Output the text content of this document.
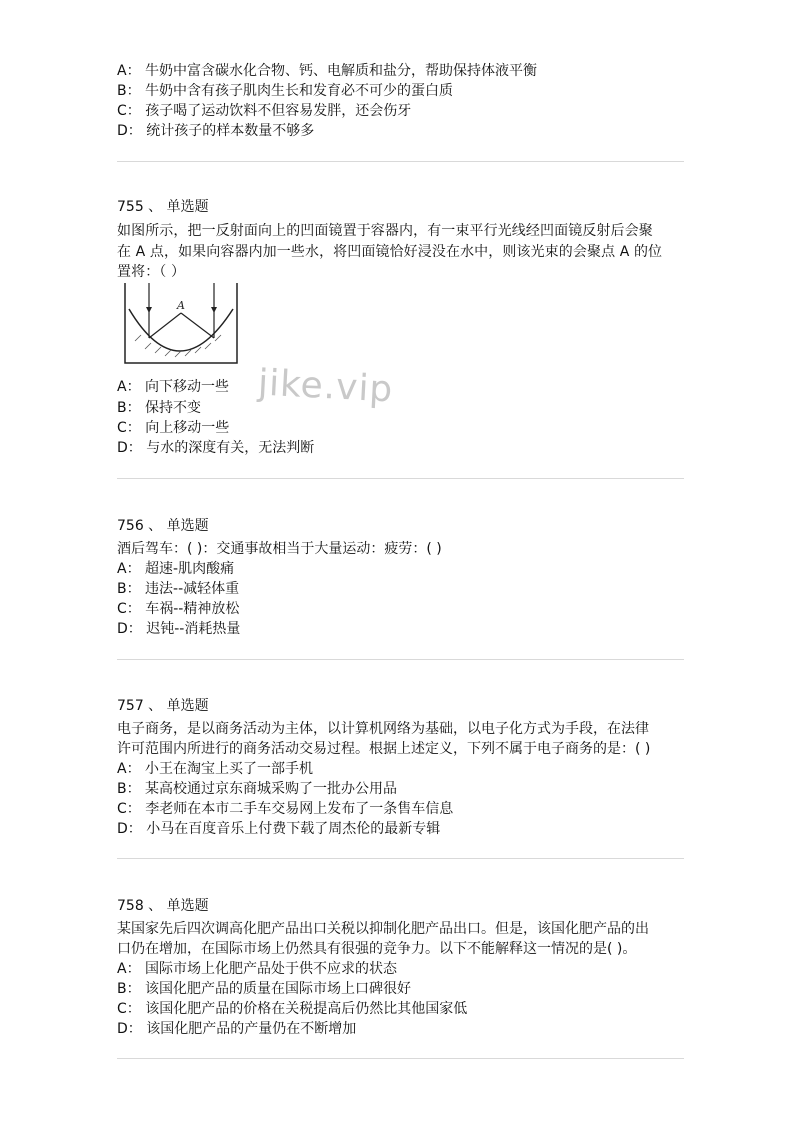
A： 牛奶中富含碳水化合物、钙、电解质和盐分，帮助保持体液平衡
B： 牛奶中含有孩子肌肉生长和发育必不可少的蛋白质
C： 孩子喝了运动饮料不但容易发胖，还会伤牙
D： 统计孩子的样本数量不够多
755 、 单选题
如图所示，把一反射面向上的凹面镜置于容器内，有一束平行光线经凹面镜反射后会聚
在 A 点，如果向容器内加一些水，将凹面镜恰好浸没在水中，则该光束的会聚点 A 的位
置将：（ ）
A
jike.vip
A： 向下移动一些
B： 保持不变
C： 向上移动一些
D： 与水的深度有关，无法判断
756 、 单选题
酒后驾车：( )：交通事故相当于大量运动：疲劳：( )
A： 超速-肌肉酸痛
B： 违法--减轻体重
C： 车祸--精神放松
D： 迟钝--消耗热量
757 、 单选题
电子商务，是以商务活动为主体，以计算机网络为基础，以电子化方式为手段，在法律
许可范围内所进行的商务活动交易过程。根据上述定义，下列不属于电子商务的是：( )
A： 小王在淘宝上买了一部手机
B： 某高校通过京东商城采购了一批办公用品
C： 李老师在本市二手车交易网上发布了一条售车信息
D： 小马在百度音乐上付费下载了周杰伦的最新专辑
758 、 单选题
某国家先后四次调高化肥产品出口关税以抑制化肥产品出口。但是，该国化肥产品的出
口仍在增加，在国际市场上仍然具有很强的竞争力。以下不能解释这一情况的是( )。
A： 国际市场上化肥产品处于供不应求的状态
B： 该国化肥产品的质量在国际市场上口碑很好
C： 该国化肥产品的价格在关税提高后仍然比其他国家低
D： 该国化肥产品的产量仍在不断增加
